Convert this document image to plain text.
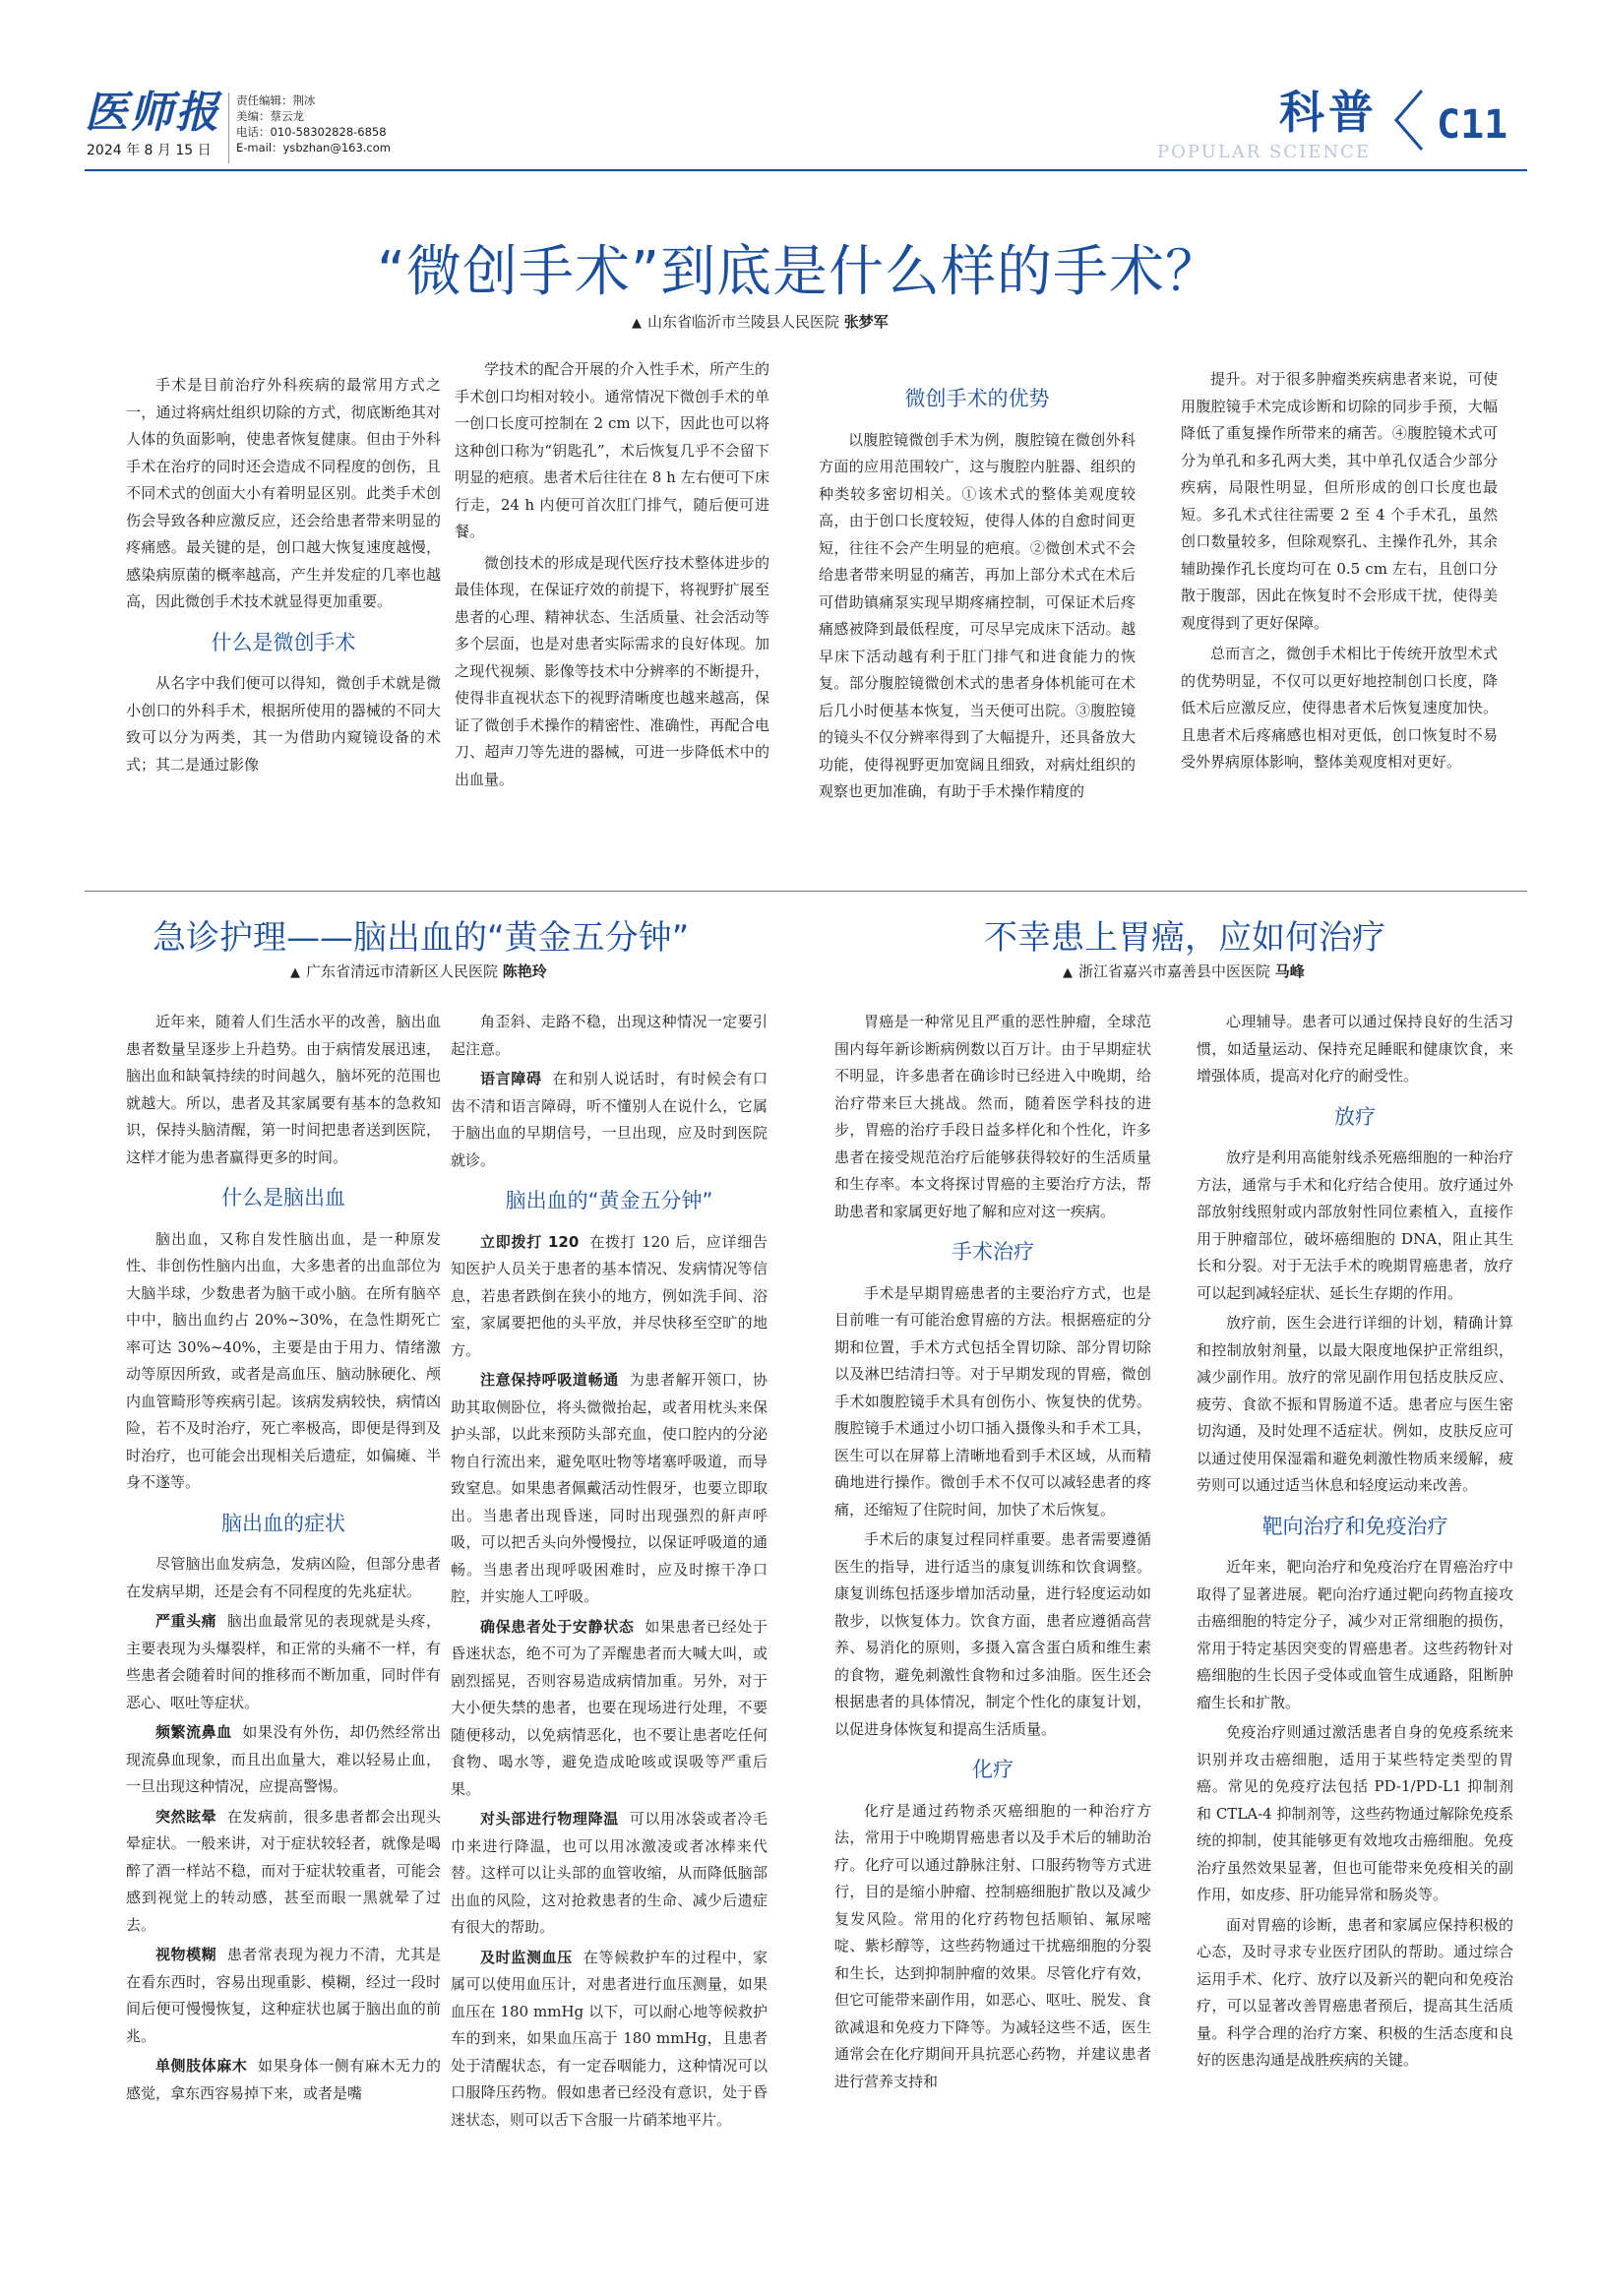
医师报
2024 年 8 月 15 日
责任编辑：荆冰
美编：蔡云龙
电话：010-58302828-6858
E-mail：ysbzhan@163.com
科普
POPULAR SCIENCE
C11
“微创手术”到底是什么样的手术？
▲ 山东省临沂市兰陵县人民医院 张梦军

手术是目前治疗外科疾病的最常用方式之一，通过将病灶组织切除的方式，彻底断绝其对人体的负面影响，使患者恢复健康。但由于外科手术在治疗的同时还会造成不同程度的创伤，且不同术式的创面大小有着明显区别。此类手术创伤会导致各种应激反应，还会给患者带来明显的疼痛感。最关键的是，创口越大恢复速度越慢，感染病原菌的概率越高，产生并发症的几率也越高，因此微创手术技术就显得更加重要。

什么是微创手术

从名字中我们便可以得知，微创手术就是微小创口的外科手术，根据所使用的器械的不同大致可以分为两类，其一为借助内窥镜设备的术式；其二是通过影像

学技术的配合开展的介入性手术，所产生的手术创口均相对较小。通常情况下微创手术的单一创口长度可控制在 2 cm 以下，因此也可以将这种创口称为“钥匙孔”，术后恢复几乎不会留下明显的疤痕。患者术后往往在 8 h 左右便可下床行走，24 h 内便可首次肛门排气，随后便可进餐。

微创技术的形成是现代医疗技术整体进步的最佳体现，在保证疗效的前提下，将视野扩展至患者的心理、精神状态、生活质量、社会活动等多个层面，也是对患者实际需求的良好体现。加之现代视频、影像等技术中分辨率的不断提升，使得非直视状态下的视野清晰度也越来越高，保证了微创手术操作的精密性、准确性，再配合电刀、超声刀等先进的器械，可进一步降低术中的出血量。

微创手术的优势

以腹腔镜微创手术为例，腹腔镜在微创外科方面的应用范围较广，这与腹腔内脏器、组织的种类较多密切相关。①该术式的整体美观度较高，由于创口长度较短，使得人体的自愈时间更短，往往不会产生明显的疤痕。②微创术式不会给患者带来明显的痛苦，再加上部分术式在术后可借助镇痛泵实现早期疼痛控制，可保证术后疼痛感被降到最低程度，可尽早完成床下活动。越早床下活动越有利于肛门排气和进食能力的恢复。部分腹腔镜微创术式的患者身体机能可在术后几小时便基本恢复，当天便可出院。③腹腔镜的镜头不仅分辨率得到了大幅提升，还具备放大功能，使得视野更加宽阔且细致，对病灶组织的观察也更加准确，有助于手术操作精度的

提升。对于很多肿瘤类疾病患者来说，可使用腹腔镜手术完成诊断和切除的同步手预，大幅降低了重复操作所带来的痛苦。④腹腔镜术式可分为单孔和多孔两大类，其中单孔仅适合少部分疾病，局限性明显，但所形成的创口长度也最短。多孔术式往往需要 2 至 4 个手术孔，虽然创口数量较多，但除观察孔、主操作孔外，其余辅助操作孔长度均可在 0.5 cm 左右，且创口分散于腹部，因此在恢复时不会形成干扰，使得美观度得到了更好保障。

总而言之，微创手术相比于传统开放型术式的优势明显，不仅可以更好地控制创口长度，降低术后应激反应，使得患者术后恢复速度加快。且患者术后疼痛感也相对更低，创口恢复时不易受外界病原体影响，整体美观度相对更好。

急诊护理——脑出血的“黄金五分钟”
▲ 广东省清远市清新区人民医院 陈艳玲

近年来，随着人们生活水平的改善，脑出血患者数量呈逐步上升趋势。由于病情发展迅速，脑出血和缺氧持续的时间越久，脑坏死的范围也就越大。所以，患者及其家属要有基本的急救知识，保持头脑清醒，第一时间把患者送到医院，这样才能为患者赢得更多的时间。

什么是脑出血

脑出血，又称自发性脑出血，是一种原发性、非创伤性脑内出血，大多患者的出血部位为大脑半球，少数患者为脑干或小脑。在所有脑卒中中，脑出血约占 20%~30%，在急性期死亡率可达 30%~40%，主要是由于用力、情绪激动等原因所致，或者是高血压、脑动脉硬化、颅内血管畸形等疾病引起。该病发病较快，病情凶险，若不及时治疗，死亡率极高，即便是得到及时治疗，也可能会出现相关后遗症，如偏瘫、半身不遂等。

脑出血的症状

尽管脑出血发病急，发病凶险，但部分患者在发病早期，还是会有不同程度的先兆症状。

严重头痛 脑出血最常见的表现就是头疼，主要表现为头爆裂样，和正常的头痛不一样，有些患者会随着时间的推移而不断加重，同时伴有恶心、呕吐等症状。

频繁流鼻血 如果没有外伤，却仍然经常出现流鼻血现象，而且出血量大，难以轻易止血，一旦出现这种情况，应提高警惕。

突然眩晕 在发病前，很多患者都会出现头晕症状。一般来讲，对于症状较轻者，就像是喝醉了酒一样站不稳，而对于症状较重者，可能会感到视觉上的转动感，甚至而眼一黑就晕了过去。

视物模糊 患者常表现为视力不清，尤其是在看东西时，容易出现重影、模糊，经过一段时间后便可慢慢恢复，这种症状也属于脑出血的前兆。

单侧肢体麻木 如果身体一侧有麻木无力的感觉，拿东西容易掉下来，或者是嘴

角歪斜、走路不稳，出现这种情况一定要引起注意。

语言障碍 在和别人说话时，有时候会有口齿不清和语言障碍，听不懂别人在说什么，它属于脑出血的早期信号，一旦出现，应及时到医院就诊。

脑出血的“黄金五分钟”

立即拨打 120 在拨打 120 后，应详细告知医护人员关于患者的基本情况、发病情况等信息，若患者跌倒在狭小的地方，例如洗手间、浴室，家属要把他的头平放，并尽快移至空旷的地方。

注意保持呼吸道畅通 为患者解开领口，协助其取侧卧位，将头微微抬起，或者用枕头来保护头部，以此来预防头部充血，使口腔内的分泌物自行流出来，避免呕吐物等堵塞呼吸道，而导致窒息。如果患者佩戴活动性假牙，也要立即取出。当患者出现昏迷，同时出现强烈的鼾声呼吸，可以把舌头向外慢慢拉，以保证呼吸道的通畅。当患者出现呼吸困难时，应及时擦干净口腔，并实施人工呼吸。

确保患者处于安静状态 如果患者已经处于昏迷状态，绝不可为了弄醒患者而大喊大叫，或剧烈摇晃，否则容易造成病情加重。另外，对于大小便失禁的患者，也要在现场进行处理，不要随便移动，以免病情恶化，也不要让患者吃任何食物、喝水等，避免造成呛咳或误吸等严重后果。

对头部进行物理降温 可以用冰袋或者冷毛巾来进行降温，也可以用冰激凌或者冰棒来代替。这样可以让头部的血管收缩，从而降低脑部出血的风险，这对抢救患者的生命、减少后遗症有很大的帮助。

及时监测血压 在等候救护车的过程中，家属可以使用血压计，对患者进行血压测量，如果血压在 180 mmHg 以下，可以耐心地等候救护车的到来，如果血压高于 180 mmHg，且患者处于清醒状态，有一定吞咽能力，这种情况可以口服降压药物。假如患者已经没有意识，处于昏迷状态，则可以舌下含服一片硝苯地平片。

不幸患上胃癌，应如何治疗
▲ 浙江省嘉兴市嘉善县中医医院 马峰

胃癌是一种常见且严重的恶性肿瘤，全球范围内每年新诊断病例数以百万计。由于早期症状不明显，许多患者在确诊时已经进入中晚期，给治疗带来巨大挑战。然而，随着医学科技的进步，胃癌的治疗手段日益多样化和个性化，许多患者在接受规范治疗后能够获得较好的生活质量和生存率。本文将探讨胃癌的主要治疗方法，帮助患者和家属更好地了解和应对这一疾病。

手术治疗

手术是早期胃癌患者的主要治疗方式，也是目前唯一有可能治愈胃癌的方法。根据癌症的分期和位置，手术方式包括全胃切除、部分胃切除以及淋巴结清扫等。对于早期发现的胃癌，微创手术如腹腔镜手术具有创伤小、恢复快的优势。腹腔镜手术通过小切口插入摄像头和手术工具，医生可以在屏幕上清晰地看到手术区域，从而精确地进行操作。微创手术不仅可以减轻患者的疼痛，还缩短了住院时间，加快了术后恢复。

手术后的康复过程同样重要。患者需要遵循医生的指导，进行适当的康复训练和饮食调整。康复训练包括逐步增加活动量，进行轻度运动如散步，以恢复体力。饮食方面，患者应遵循高营养、易消化的原则，多摄入富含蛋白质和维生素的食物，避免刺激性食物和过多油脂。医生还会根据患者的具体情况，制定个性化的康复计划，以促进身体恢复和提高生活质量。

化疗

化疗是通过药物杀灭癌细胞的一种治疗方法，常用于中晚期胃癌患者以及手术后的辅助治疗。化疗可以通过静脉注射、口服药物等方式进行，目的是缩小肿瘤、控制癌细胞扩散以及减少复发风险。常用的化疗药物包括顺铂、氟尿嘧啶、紫杉醇等，这些药物通过干扰癌细胞的分裂和生长，达到抑制肿瘤的效果。尽管化疗有效，但它可能带来副作用，如恶心、呕吐、脱发、食欲减退和免疫力下降等。为减轻这些不适，医生通常会在化疗期间开具抗恶心药物，并建议患者进行营养支持和

心理辅导。患者可以通过保持良好的生活习惯，如适量运动、保持充足睡眠和健康饮食，来增强体质，提高对化疗的耐受性。

放疗

放疗是利用高能射线杀死癌细胞的一种治疗方法，通常与手术和化疗结合使用。放疗通过外部放射线照射或内部放射性同位素植入，直接作用于肿瘤部位，破坏癌细胞的 DNA，阻止其生长和分裂。对于无法手术的晚期胃癌患者，放疗可以起到减轻症状、延长生存期的作用。

放疗前，医生会进行详细的计划，精确计算和控制放射剂量，以最大限度地保护正常组织，减少副作用。放疗的常见副作用包括皮肤反应、疲劳、食欲不振和胃肠道不适。患者应与医生密切沟通，及时处理不适症状。例如，皮肤反应可以通过使用保湿霜和避免刺激性物质来缓解，疲劳则可以通过适当休息和轻度运动来改善。

靶向治疗和免疫治疗

近年来，靶向治疗和免疫治疗在胃癌治疗中取得了显著进展。靶向治疗通过靶向药物直接攻击癌细胞的特定分子，减少对正常细胞的损伤，常用于特定基因突变的胃癌患者。这些药物针对癌细胞的生长因子受体或血管生成通路，阻断肿瘤生长和扩散。

免疫治疗则通过激活患者自身的免疫系统来识别并攻击癌细胞，适用于某些特定类型的胃癌。常见的免疫疗法包括 PD-1/PD-L1 抑制剂和 CTLA-4 抑制剂等，这些药物通过解除免疫系统的抑制，使其能够更有效地攻击癌细胞。免疫治疗虽然效果显著，但也可能带来免疫相关的副作用，如皮疹、肝功能异常和肠炎等。

面对胃癌的诊断，患者和家属应保持积极的心态，及时寻求专业医疗团队的帮助。通过综合运用手术、化疗、放疗以及新兴的靶向和免疫治疗，可以显著改善胃癌患者预后，提高其生活质量。科学合理的治疗方案、积极的生活态度和良好的医患沟通是战胜疾病的关键。
